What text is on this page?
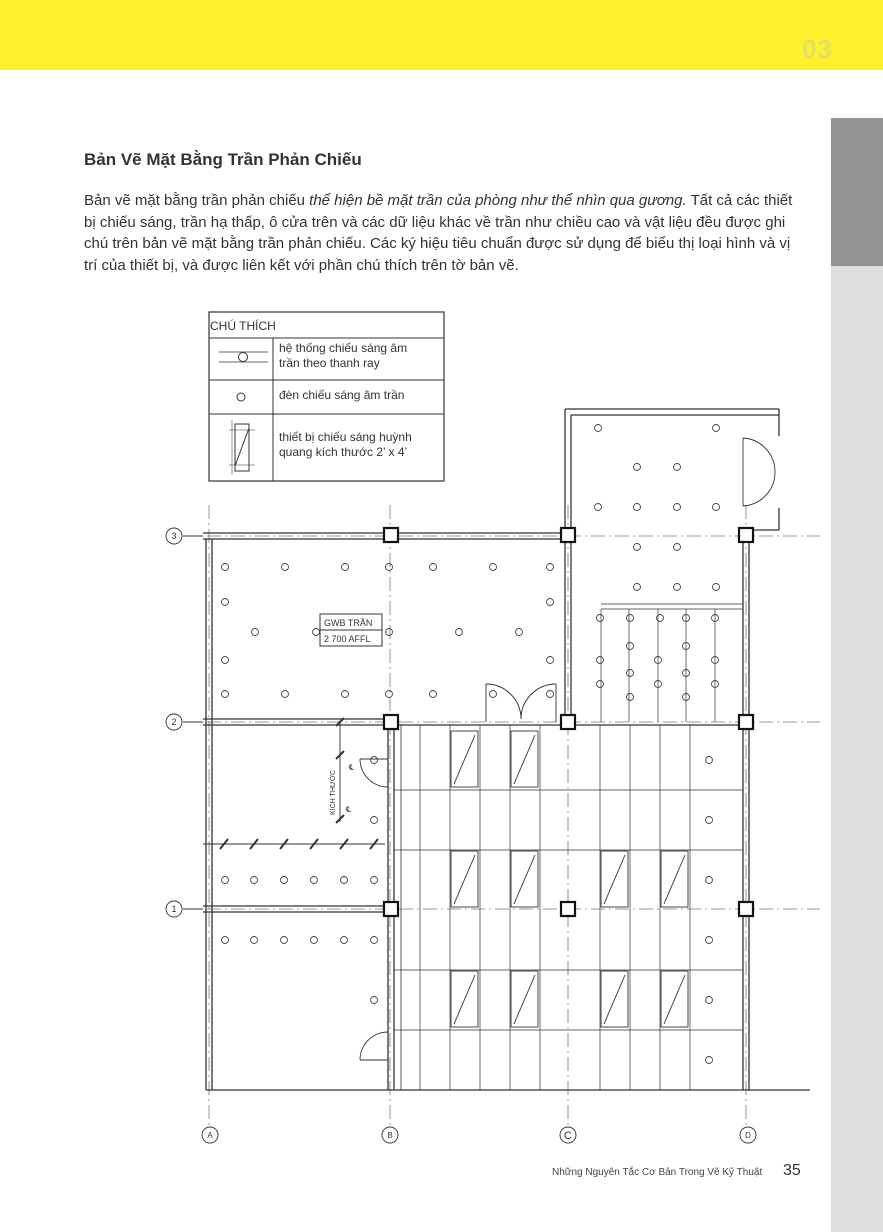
03
Bản Vẽ Mặt Bằng Trần Phản Chiếu
Bản vẽ mặt bằng trần phản chiếu thể hiện bề mặt trần của phòng như thể nhìn qua gương. Tất cả các thiết bị chiếu sáng, trần hạ thấp, ô cửa trên và các dữ liệu khác về trần như chiều cao và vật liệu đều được ghi chú trên bản vẽ mặt bằng trần phản chiếu. Các ký hiệu tiêu chuẩn được sử dụng để biểu thị loại hình và vị trí của thiết bị, và được liên kết với phần chú thích trên tờ bản vẽ.
℄
℄
CHÚ THÍCH
hệ thống chiếu sáng âm
trần theo thanh ray
đèn chiếu sáng âm trần
thiết bị chiếu sáng huỳnh
quang kích thước 2’ x 4’
GWB TRẦN
2 700 AFFL
KÍCH THƯỚC
3
2
1
A	B	C	D
Những Nguyên Tắc Cơ Bản Trong Vẽ Kỹ Thuật 35
